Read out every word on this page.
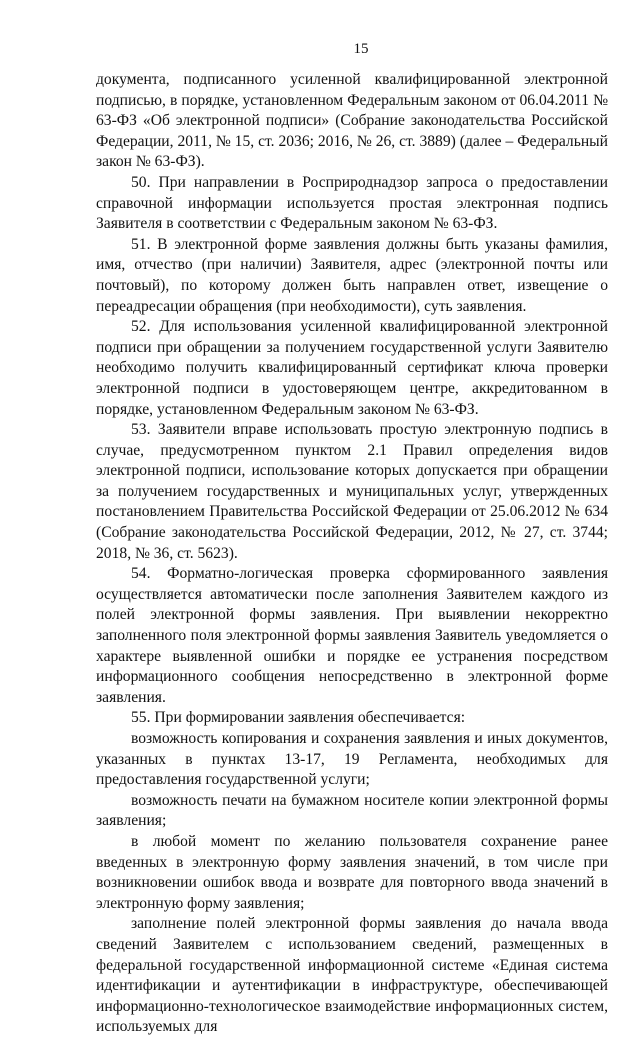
15

документа, подписанного усиленной квалифицированной электронной подписью, в порядке, установленном Федеральным законом от 06.04.2011 № 63-ФЗ «Об электронной подписи» (Собрание законодательства Российской Федерации, 2011, № 15, ст. 2036; 2016, № 26, ст. 3889) (далее – Федеральный закон № 63-ФЗ).

50. При направлении в Росприроднадзор запроса о предоставлении справочной информации используется простая электронная подпись Заявителя в соответствии с Федеральным законом № 63-ФЗ.

51. В электронной форме заявления должны быть указаны фамилия, имя, отчество (при наличии) Заявителя, адрес (электронной почты или почтовый), по которому должен быть направлен ответ, извещение о переадресации обращения (при необходимости), суть заявления.

52. Для использования усиленной квалифицированной электронной подписи при обращении за получением государственной услуги Заявителю необходимо получить квалифицированный сертификат ключа проверки электронной подписи в удостоверяющем центре, аккредитованном в порядке, установленном Федеральным законом № 63-ФЗ.

53. Заявители вправе использовать простую электронную подпись в случае, предусмотренном пунктом 2.1 Правил определения видов электронной подписи, использование которых допускается при обращении за получением государственных и муниципальных услуг, утвержденных постановлением Правительства Российской Федерации от 25.06.2012 № 634 (Собрание законодательства Российской Федерации, 2012, № 27, ст. 3744; 2018, № 36, ст. 5623).

54. Форматно-логическая проверка сформированного заявления осуществляется автоматически после заполнения Заявителем каждого из полей электронной формы заявления. При выявлении некорректно заполненного поля электронной формы заявления Заявитель уведомляется о характере выявленной ошибки и порядке ее устранения посредством информационного сообщения непосредственно в электронной форме заявления.

55. При формировании заявления обеспечивается:

возможность копирования и сохранения заявления и иных документов, указанных в пунктах 13-17, 19 Регламента, необходимых для предоставления государственной услуги;

возможность печати на бумажном носителе копии электронной формы заявления;

в любой момент по желанию пользователя сохранение ранее введенных в электронную форму заявления значений, в том числе при возникновении ошибок ввода и возврате для повторного ввода значений в электронную форму заявления;

заполнение полей электронной формы заявления до начала ввода сведений Заявителем с использованием сведений, размещенных в федеральной государственной информационной системе «Единая система идентификации и аутентификации в инфраструктуре, обеспечивающей информационно-технологическое взаимодействие информационных систем, используемых для
